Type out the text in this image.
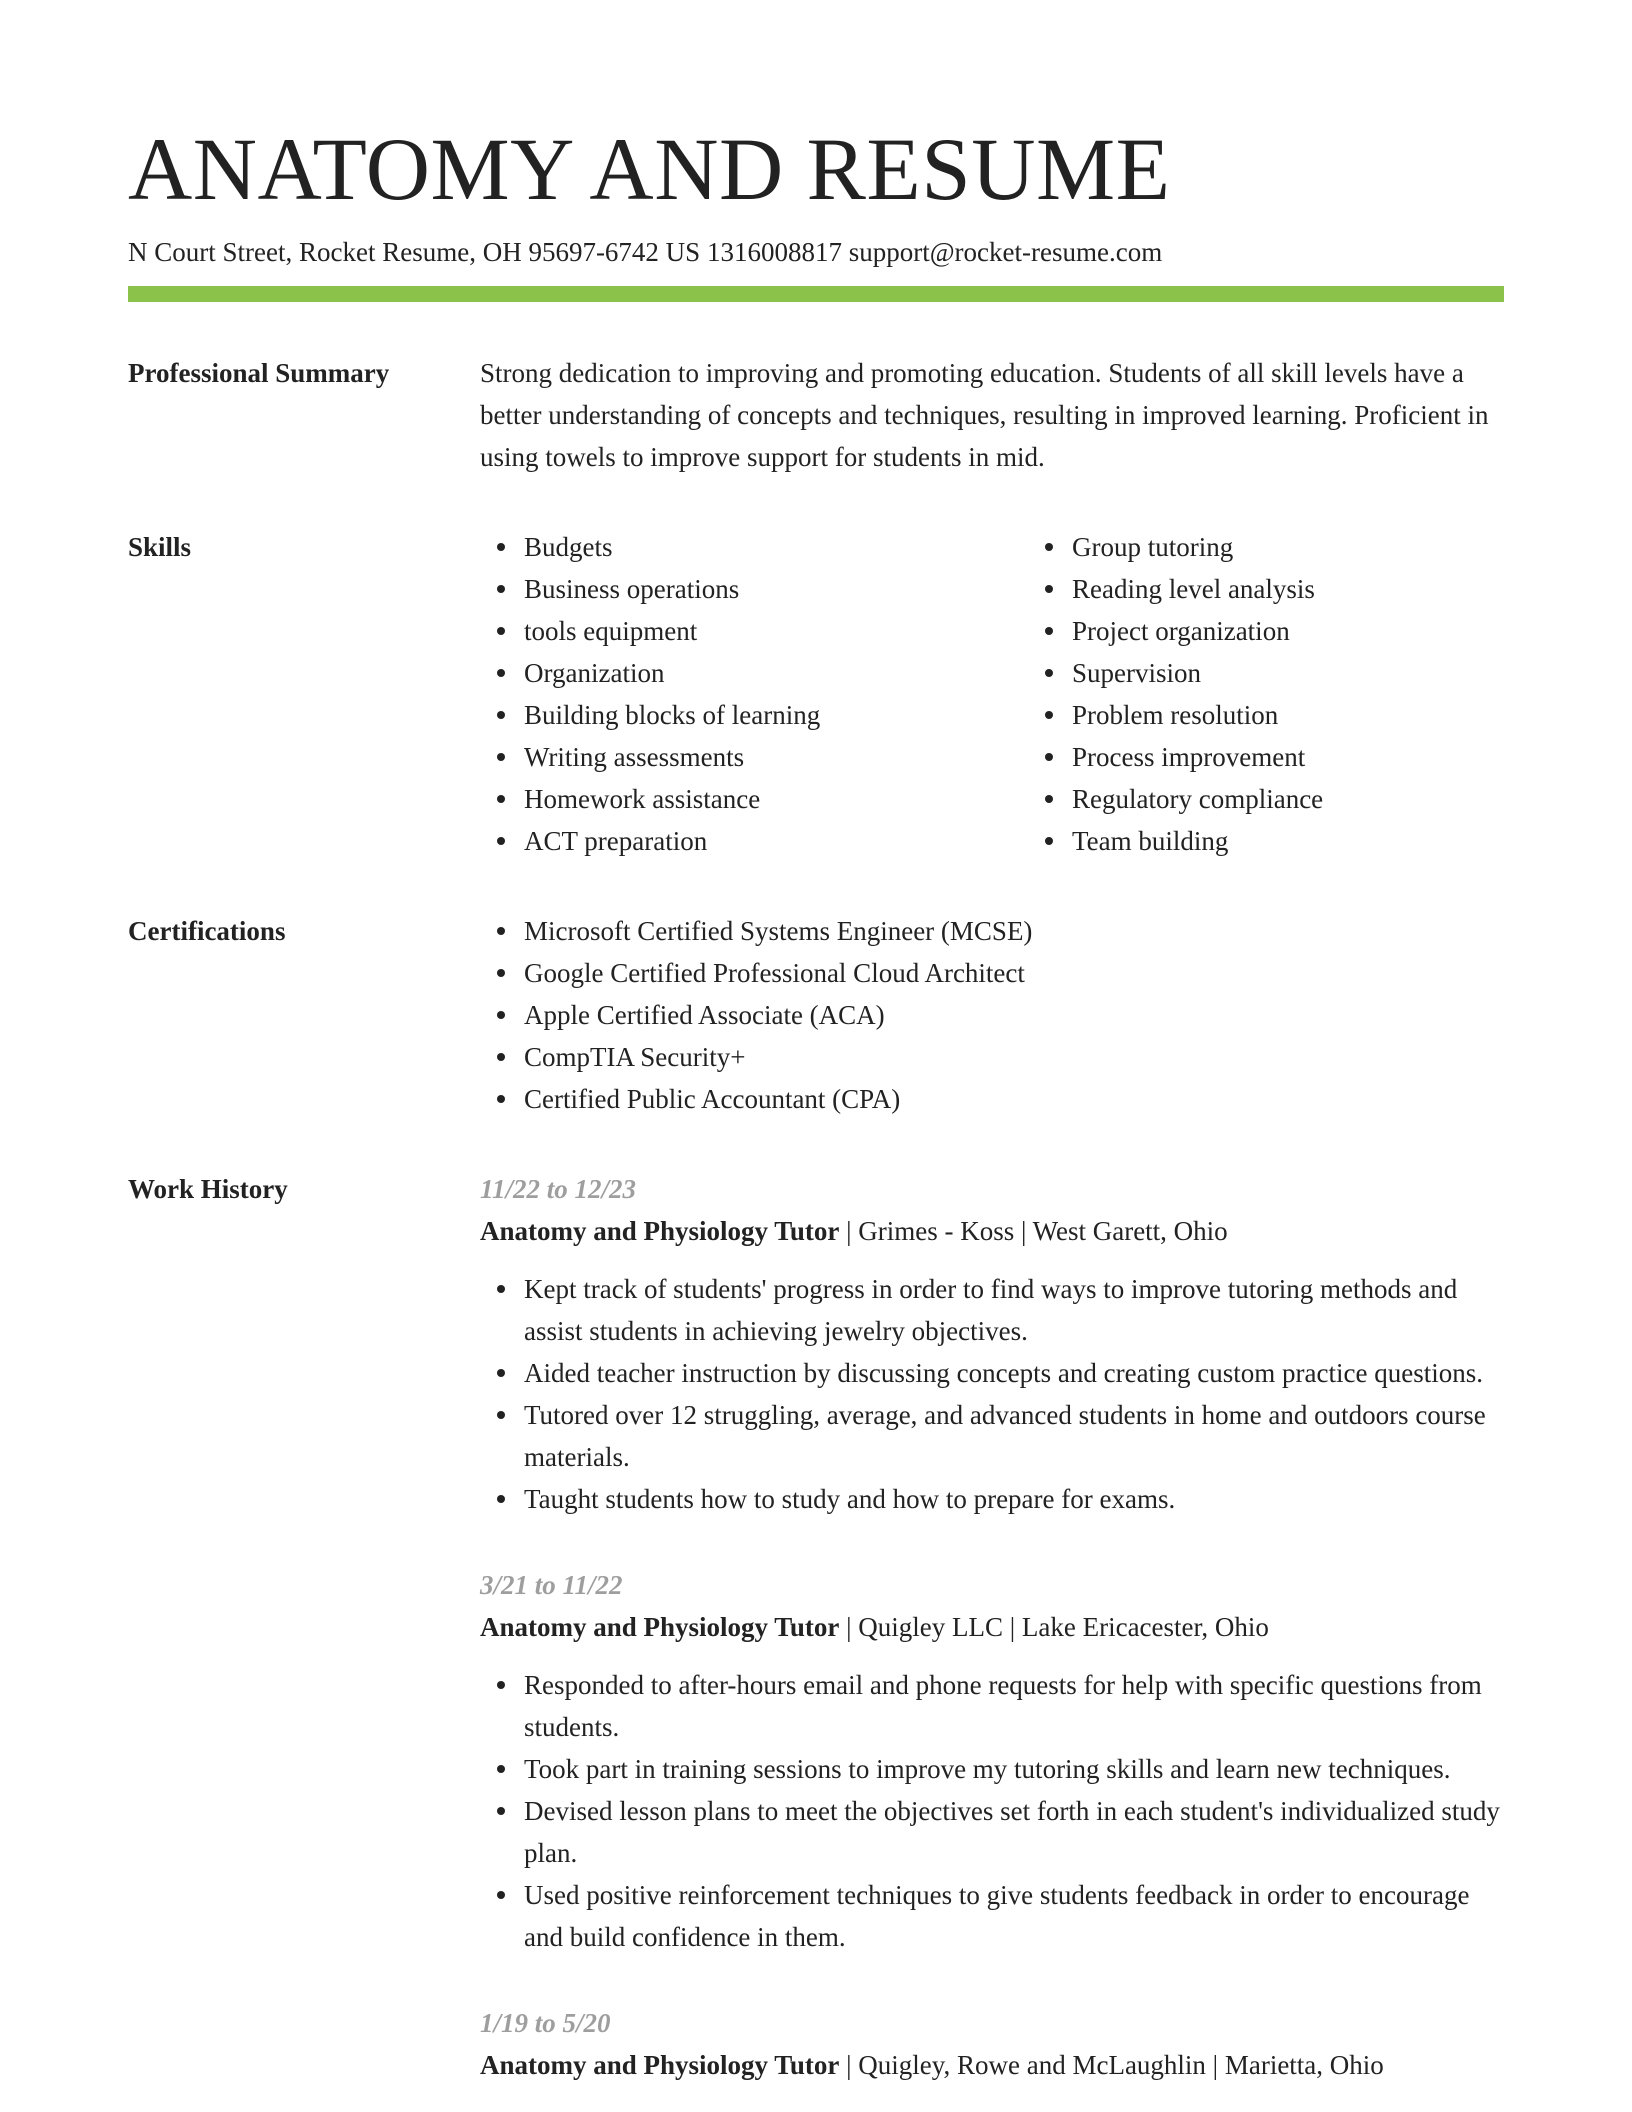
ANATOMY AND RESUME
N Court Street, Rocket Resume, OH 95697-6742 US 1316008817 support@rocket-resume.com
Professional Summary	Strong dedication to improving and promoting education. Students of all skill levels have a better understanding of concepts and techniques, resulting in improved learning. Proficient in using towels to improve support for students in mid.

Skills	Budgets
Business operations
tools equipment
Organization
Building blocks of learning
Writing assessments
Homework assistance
ACT preparation
Group tutoring
Reading level analysis
Project organization
Supervision
Problem resolution
Process improvement
Regulatory compliance
Team building
Certifications	Microsoft Certified Systems Engineer (MCSE)
Google Certified Professional Cloud Architect
Apple Certified Associate (ACA)
CompTIA Security+
Certified Public Accountant (CPA)
Work History	11/22 to 12/23
Anatomy and Physiology Tutor | Grimes - Koss | West Garett, Ohio
Kept track of students' progress in order to find ways to improve tutoring methods and assist students in achieving jewelry objectives.
Aided teacher instruction by discussing concepts and creating custom practice questions.
Tutored over 12 struggling, average, and advanced students in home and outdoors course materials.
Taught students how to study and how to prepare for exams.
3/21 to 11/22
Anatomy and Physiology Tutor | Quigley LLC | Lake Ericacester, Ohio
Responded to after-hours email and phone requests for help with specific questions from students.
Took part in training sessions to improve my tutoring skills and learn new techniques.
Devised lesson plans to meet the objectives set forth in each student's individualized study plan.
Used positive reinforcement techniques to give students feedback in order to encourage and build confidence in them.
1/19 to 5/20
Anatomy and Physiology Tutor | Quigley, Rowe and McLaughlin | Marietta, Ohio
